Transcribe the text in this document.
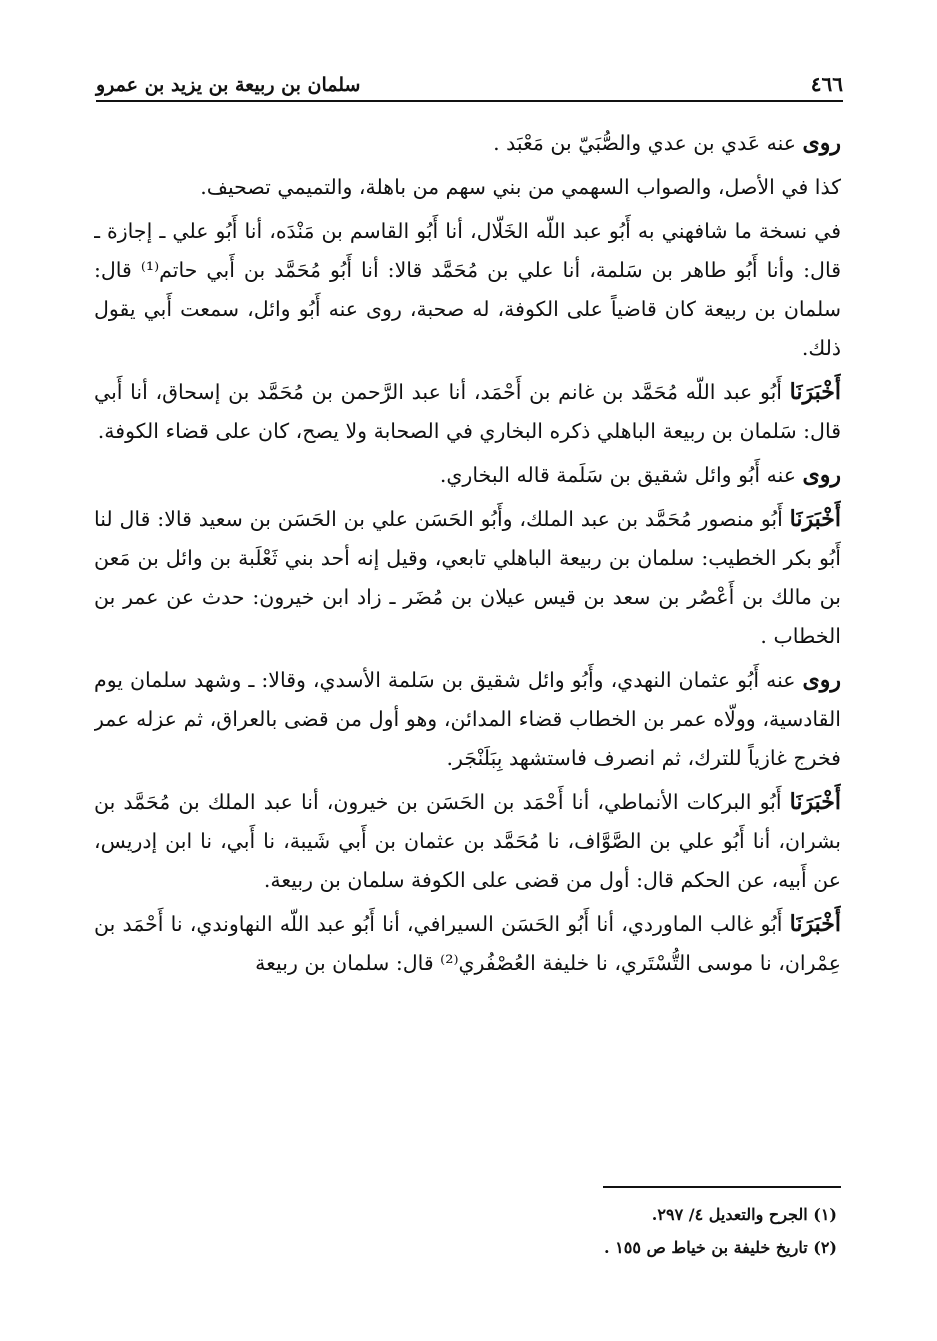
٤٦٦
سلمان بن ربيعة بن يزيد بن عمرو

روى عنه عَدي بن عدي والصُّبَيّ بن مَعْبَد .

كذا في الأصل، والصواب السهمي من بني سهم من باهلة، والتميمي تصحيف.

في نسخة ما شافهني به أَبُو عبد اللّه الخَلّال، أنا أَبُو القاسم بن مَنْدَه، أنا أَبُو علي ـ إجازة ـ قال: وأنا أَبُو طاهر بن سَلمة، أنا علي بن مُحَمَّد قالا: أنا أَبُو مُحَمَّد بن أَبي حاتم⁽¹⁾ قال: سلمان بن ربيعة كان قاضياً على الكوفة، له صحبة، روى عنه أَبُو وائل، سمعت أَبي يقول ذلك.

أَخْبَرَنَا أَبُو عبد اللّه مُحَمَّد بن غانم بن أَحْمَد، أنا عبد الرَّحمن بن مُحَمَّد بن إسحاق، أنا أَبي قال: سَلمان بن ربيعة الباهلي ذكره البخاري في الصحابة ولا يصح، كان على قضاء الكوفة.

روى عنه أَبُو وائل شقيق بن سَلَمة قاله البخاري.

أَخْبَرَنَا أَبُو منصور مُحَمَّد بن عبد الملك، وأَبُو الحَسَن علي بن الحَسَن بن سعيد قالا: قال لنا أَبُو بكر الخطيب: سلمان بن ربيعة الباهلي تابعي، وقيل إنه أحد بني ثَعْلَبة بن وائل بن مَعن بن مالك بن أَعْصُر بن سعد بن قيس عيلان بن مُضَر ـ زاد ابن خيرون: حدث عن عمر بن الخطاب .

روى عنه أَبُو عثمان النهدي، وأَبُو وائل شقيق بن سَلمة الأسدي، وقالا: ـ وشهد سلمان يوم القادسية، وولّاه عمر بن الخطاب قضاء المدائن، وهو أول من قضى بالعراق، ثم عزله عمر فخرج غازياً للترك، ثم انصرف فاستشهد بِبَلَنْجَر.

أَخْبَرَنَا أَبُو البركات الأنماطي، أنا أَحْمَد بن الحَسَن بن خيرون، أنا عبد الملك بن مُحَمَّد بن بشران، أنا أَبُو علي بن الصَّوَّاف، نا مُحَمَّد بن عثمان بن أَبي شَيبة، نا أَبي، نا ابن إدريس، عن أَبيه، عن الحكم قال: أول من قضى على الكوفة سلمان بن ربيعة.

أَخْبَرَنَا أَبُو غالب الماوردي، أنا أَبُو الحَسَن السيرافي، أنا أَبُو عبد اللّه النهاوندي، نا أَحْمَد بن عِمْران، نا موسى التُّسْتَري، نا خليفة العُصْفُري⁽²⁾ قال: سلمان بن ربيعة

(١) الجرح والتعديل ٤/ ٢٩٧.
(٢) تاريخ خليفة بن خياط ص ١٥٥ .
